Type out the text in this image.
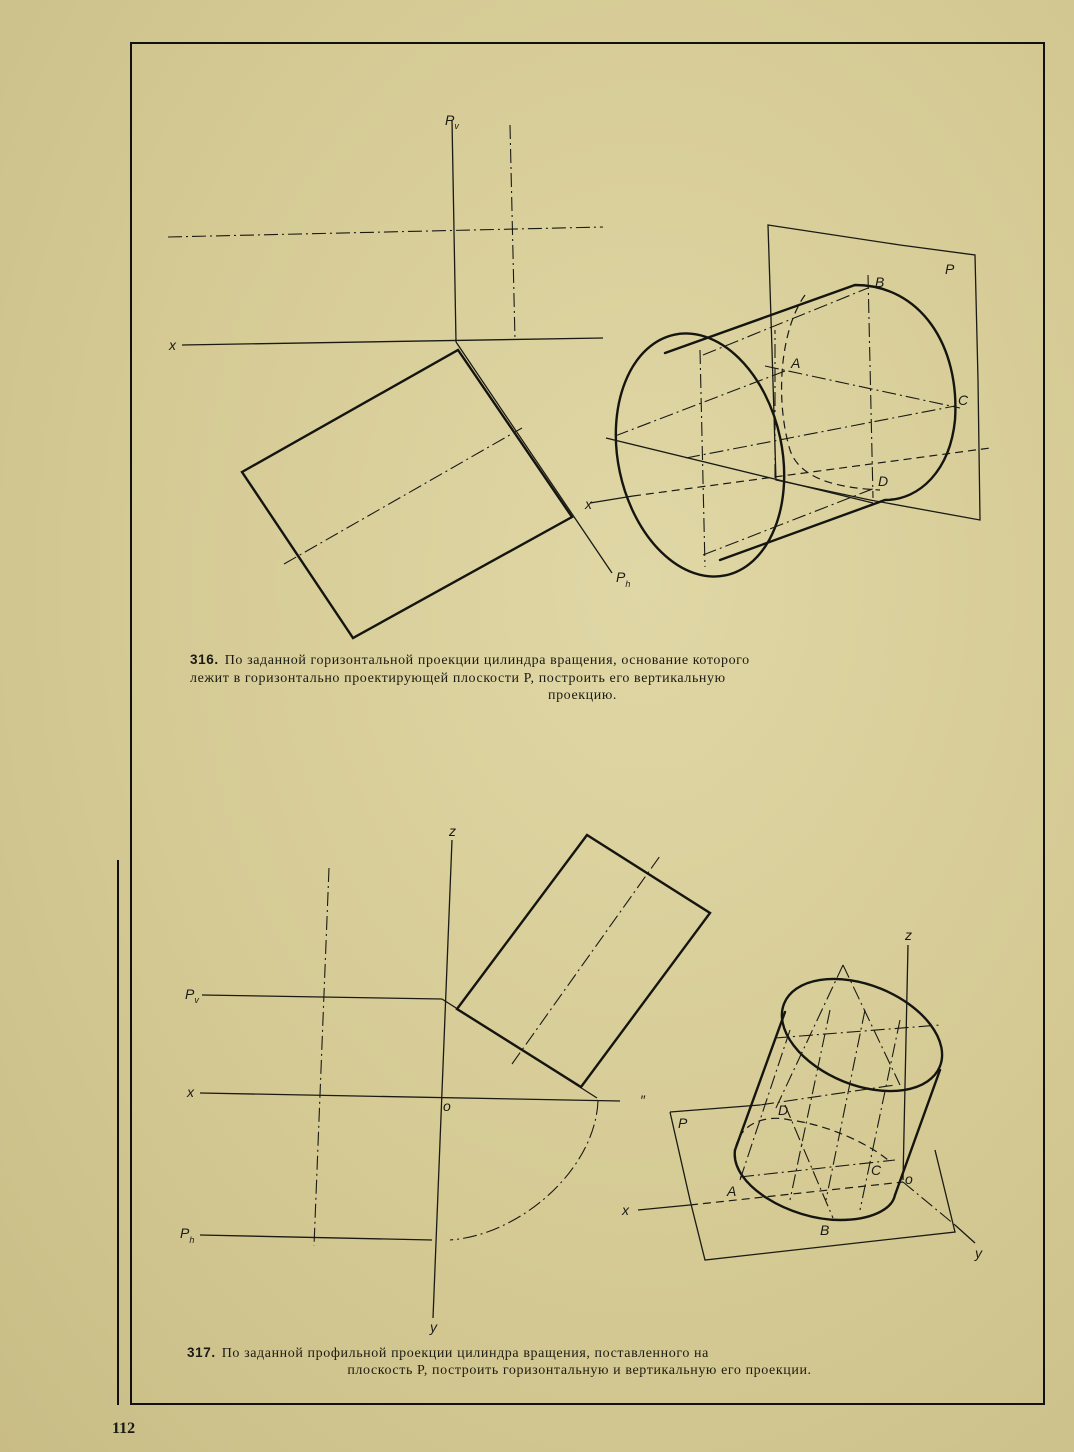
$P_v$
x
$P_h$
P
B
A
C
D
x
z
y
x
o	″
$P_v$
$P_h$
z
x
y
o
P
A
B
C
D
316. По заданной горизонтальной проекции цилиндра вращения, основание которого
лежит в горизонтально проектирующей плоскости P, построить его вертикальную

проекцию.
317. По заданной профильной проекции цилиндра вращения, поставленного на

плоскость P, построить горизонтальную и вертикальную его проекции.
112
